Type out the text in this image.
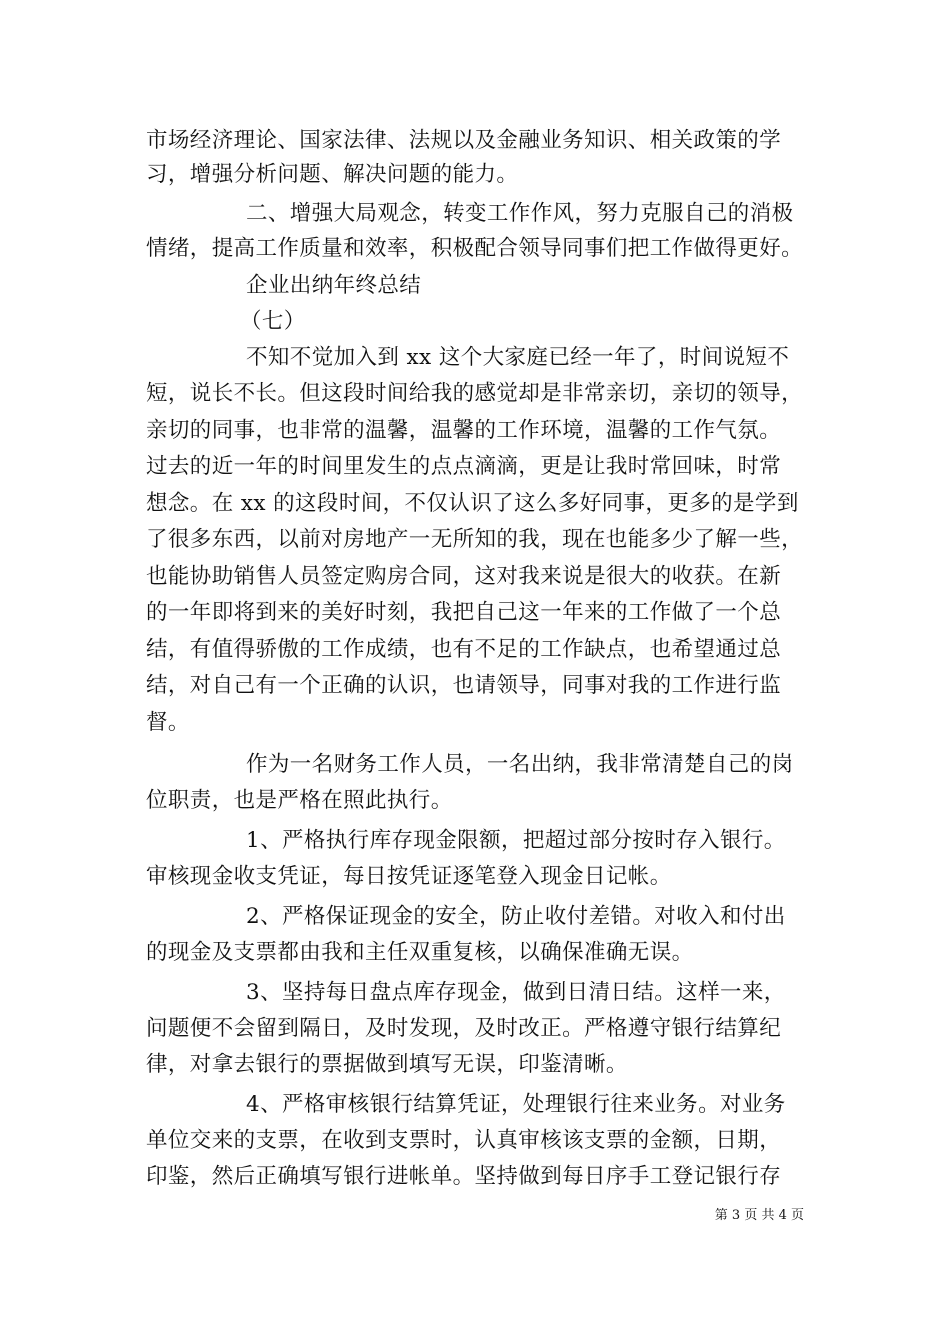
市场经济理论、国家法律、法规以及金融业务知识、相关政策的学
习，增强分析问题、解决问题的能力。
二、增强大局观念，转变工作作风，努力克服自己的消极
情绪，提高工作质量和效率，积极配合领导同事们把工作做得更好。
企业出纳年终总结
（七）
不知不觉加入到 xx 这个大家庭已经一年了，时间说短不
短，说长不长。但这段时间给我的感觉却是非常亲切，亲切的领导，
亲切的同事，也非常的温馨，温馨的工作环境，温馨的工作气氛。
过去的近一年的时间里发生的点点滴滴，更是让我时常回味，时常
想念。在 xx 的这段时间，不仅认识了这么多好同事，更多的是学到
了很多东西，以前对房地产一无所知的我，现在也能多少了解一些，
也能协助销售人员签定购房合同，这对我来说是很大的收获。在新
的一年即将到来的美好时刻，我把自己这一年来的工作做了一个总
结，有值得骄傲的工作成绩，也有不足的工作缺点，也希望通过总
结，对自己有一个正确的认识，也请领导，同事对我的工作进行监
督。
作为一名财务工作人员，一名出纳，我非常清楚自己的岗
位职责，也是严格在照此执行。
1、严格执行库存现金限额，把超过部分按时存入银行。
审核现金收支凭证，每日按凭证逐笔登入现金日记帐。
2、严格保证现金的安全，防止收付差错。对收入和付出
的现金及支票都由我和主任双重复核，以确保准确无误。
3、坚持每日盘点库存现金，做到日清日结。这样一来，
问题便不会留到隔日，及时发现，及时改正。严格遵守银行结算纪
律，对拿去银行的票据做到填写无误，印鉴清晰。
4、严格审核银行结算凭证，处理银行往来业务。对业务
单位交来的支票，在收到支票时，认真审核该支票的金额，日期，
印鉴，然后正确填写银行进帐单。坚持做到每日序手工登记银行存
第 3 页 共 4 页
